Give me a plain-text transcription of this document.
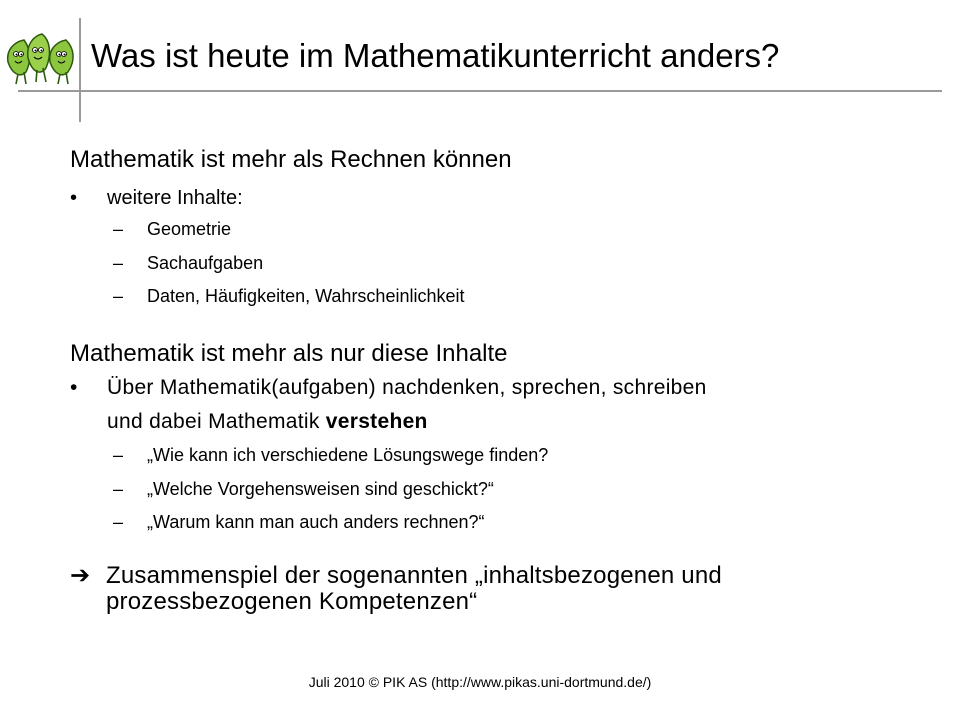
Was ist heute im Mathematikunterricht anders?
Mathematik ist mehr als Rechnen können
•	weitere Inhalte:
– Geometrie
– Sachaufgaben
– Daten, Häufigkeiten, Wahrscheinlichkeit
Mathematik ist mehr als nur diese Inhalte
•	Über Mathematik(aufgaben) nachdenken, sprechen, schreiben
und dabei Mathematik verstehen
– „Wie kann ich verschiedene Lösungswege finden?
– „Welche Vorgehensweisen sind geschickt?“
– „Warum kann man auch anders rechnen?“
➔ Zusammenspiel der sogenannten „inhaltsbezogenen und
prozessbezogenen Kompetenzen“
Juli 2010 © PIK AS (http://www.pikas.uni-dortmund.de/)
